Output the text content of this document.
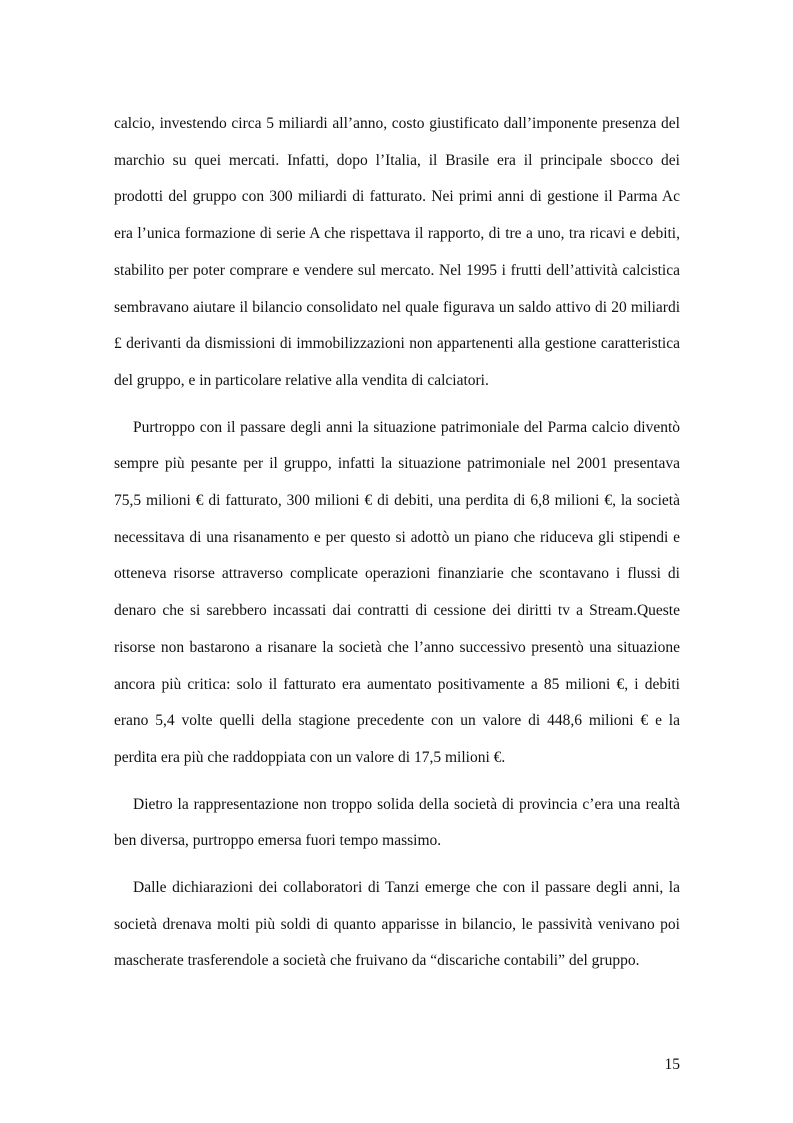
calcio, investendo circa 5 miliardi all’anno, costo giustificato dall’imponente presenza del marchio su quei mercati. Infatti, dopo l’Italia, il Brasile era il principale sbocco dei prodotti del gruppo con 300 miliardi di fatturato. Nei primi anni di gestione il Parma Ac era l’unica formazione di serie A che rispettava il rapporto, di tre a uno, tra ricavi e debiti, stabilito per poter comprare e vendere sul mercato. Nel 1995 i frutti dell’attività calcistica sembravano aiutare il bilancio consolidato nel quale figurava un saldo attivo di 20 miliardi £ derivanti da dismissioni di immobilizzazioni non appartenenti alla gestione caratteristica del gruppo, e in particolare relative alla vendita di calciatori.

Purtroppo con il passare degli anni la situazione patrimoniale del Parma calcio diventò sempre più pesante per il gruppo, infatti la situazione patrimoniale nel 2001 presentava 75,5 milioni € di fatturato, 300 milioni € di debiti, una perdita di 6,8 milioni €, la società necessitava di una risanamento e per questo si adottò un piano che riduceva gli stipendi e otteneva risorse attraverso complicate operazioni finanziarie che scontavano i flussi di denaro che si sarebbero incassati dai contratti di cessione dei diritti tv a Stream.Queste risorse non bastarono a risanare la società che l’anno successivo presentò una situazione ancora più critica: solo il fatturato era aumentato positivamente a 85 milioni €, i debiti erano 5,4 volte quelli della stagione precedente con un valore di 448,6 milioni € e la perdita era più che raddoppiata con un valore di 17,5 milioni €.

Dietro la rappresentazione non troppo solida della società di provincia c’era una realtà ben diversa, purtroppo emersa fuori tempo massimo.

Dalle dichiarazioni dei collaboratori di Tanzi emerge che con il passare degli anni, la società drenava molti più soldi di quanto apparisse in bilancio, le passività venivano poi mascherate trasferendole a società che fruivano da “discariche contabili” del gruppo.

15
